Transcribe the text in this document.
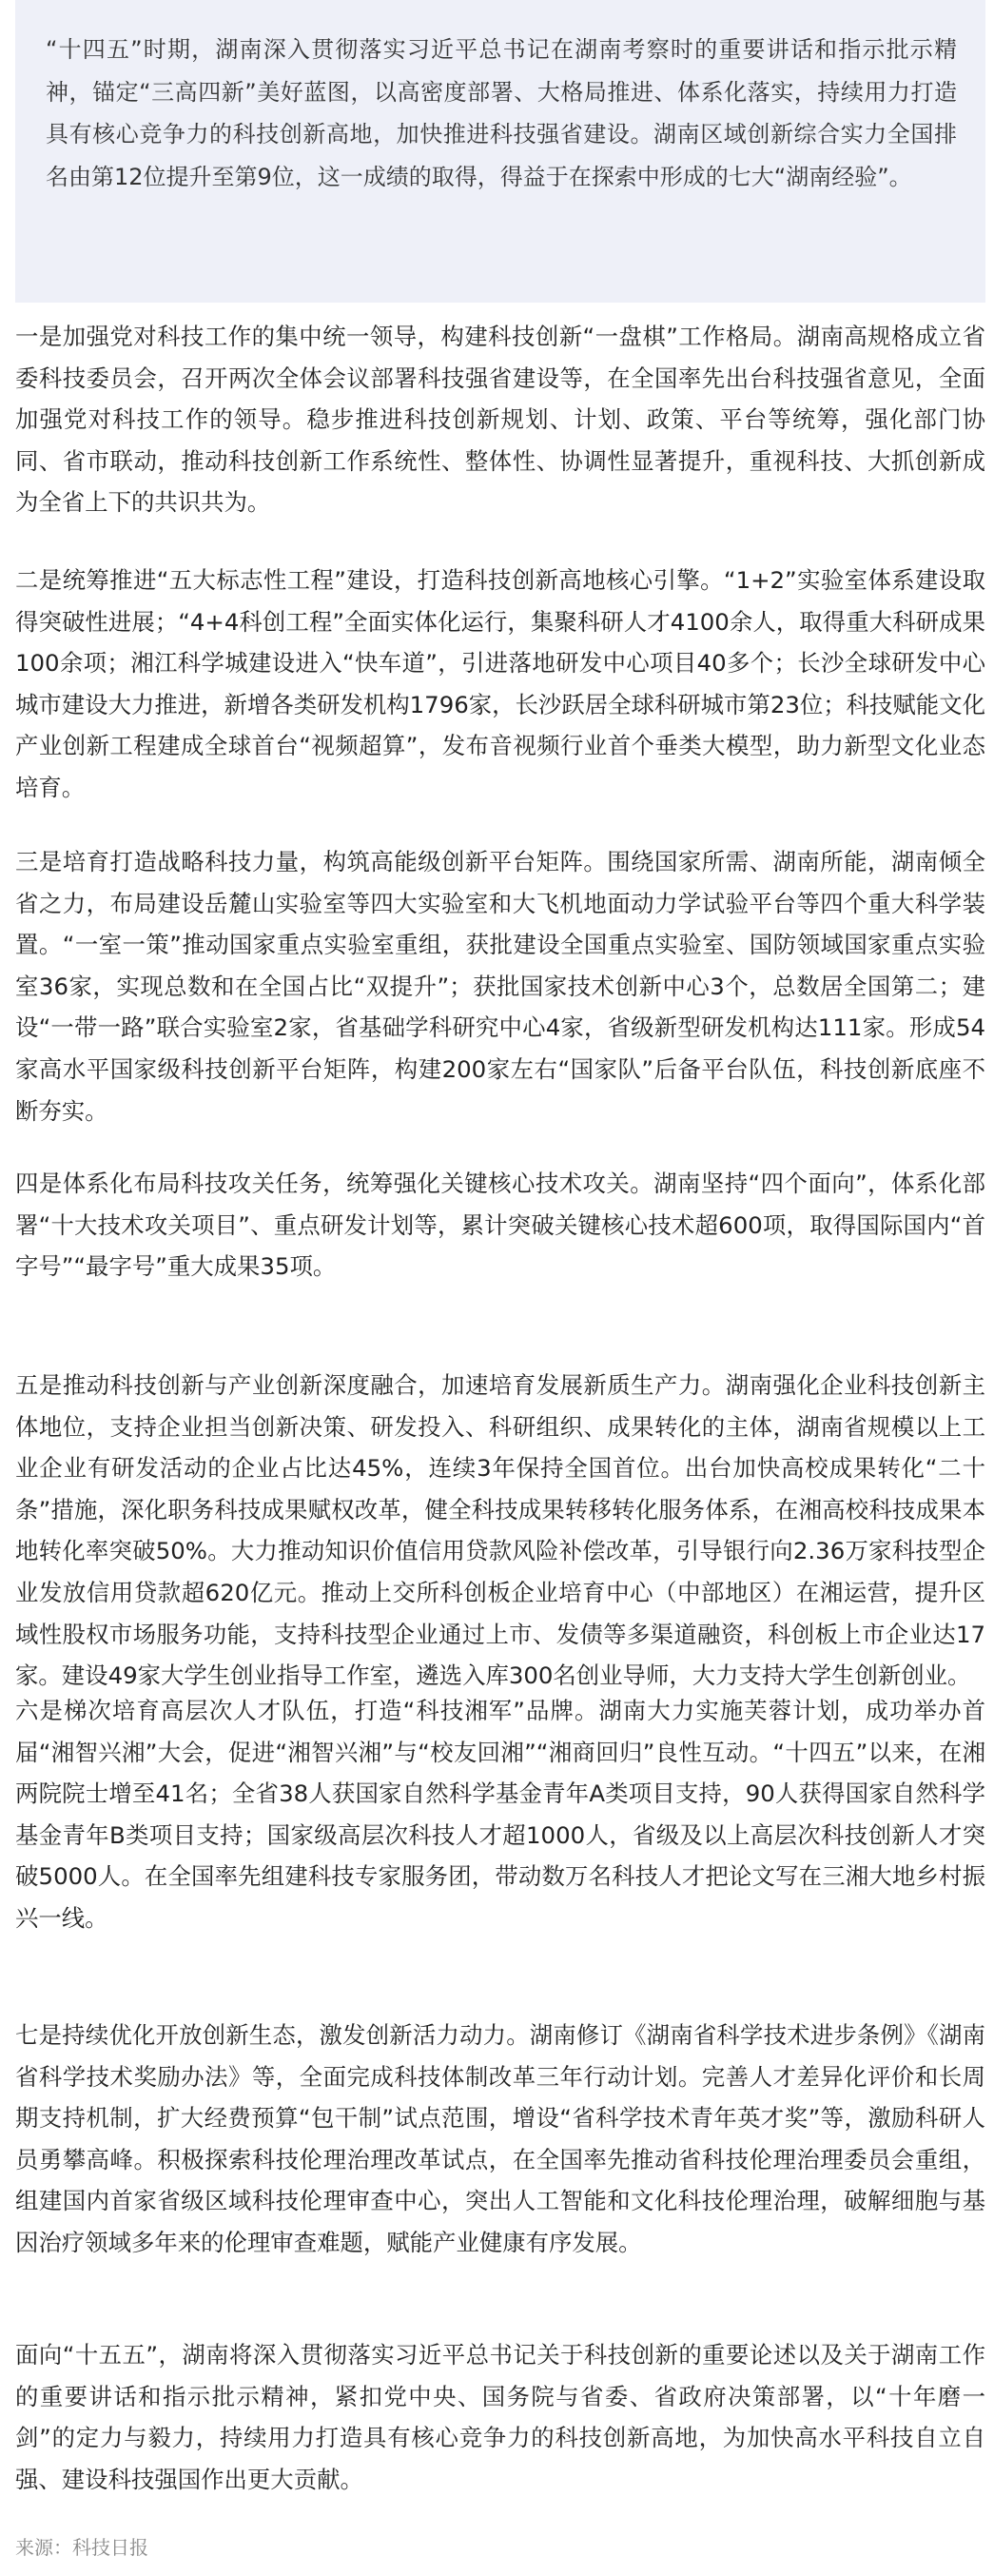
“十四五”时期，湖南深入贯彻落实习近平总书记在湖南考察时的重要讲话和指示批示精神，锚定“三高四新”美好蓝图，以高密度部署、大格局推进、体系化落实，持续用力打造具有核心竞争力的科技创新高地，加快推进科技强省建设。湖南区域创新综合实力全国排名由第12位提升至第9位，这一成绩的取得，得益于在探索中形成的七大“湖南经验”。

一是加强党对科技工作的集中统一领导，构建科技创新“一盘棋”工作格局。湖南高规格成立省委科技委员会，召开两次全体会议部署科技强省建设等，在全国率先出台科技强省意见，全面加强党对科技工作的领导。稳步推进科技创新规划、计划、政策、平台等统筹，强化部门协同、省市联动，推动科技创新工作系统性、整体性、协调性显著提升，重视科技、大抓创新成为全省上下的共识共为。

二是统筹推进“五大标志性工程”建设，打造科技创新高地核心引擎。“1+2”实验室体系建设取得突破性进展；“4+4科创工程”全面实体化运行，集聚科研人才4100余人，取得重大科研成果100余项；湘江科学城建设进入“快车道”，引进落地研发中心项目40多个；长沙全球研发中心城市建设大力推进，新增各类研发机构1796家，长沙跃居全球科研城市第23位；科技赋能文化产业创新工程建成全球首台“视频超算”，发布音视频行业首个垂类大模型，助力新型文化业态培育。

三是培育打造战略科技力量，构筑高能级创新平台矩阵。围绕国家所需、湖南所能，湖南倾全省之力，布局建设岳麓山实验室等四大实验室和大飞机地面动力学试验平台等四个重大科学装置。“一室一策”推动国家重点实验室重组，获批建设全国重点实验室、国防领域国家重点实验室36家，实现总数和在全国占比“双提升”；获批国家技术创新中心3个，总数居全国第二；建设“一带一路”联合实验室2家，省基础学科研究中心4家，省级新型研发机构达111家。形成54家高水平国家级科技创新平台矩阵，构建200家左右“国家队”后备平台队伍，科技创新底座不断夯实。

四是体系化布局科技攻关任务，统筹强化关键核心技术攻关。湖南坚持“四个面向”，体系化部署“十大技术攻关项目”、重点研发计划等，累计突破关键核心技术超600项，取得国际国内“首字号”“最字号”重大成果35项。

五是推动科技创新与产业创新深度融合，加速培育发展新质生产力。湖南强化企业科技创新主体地位，支持企业担当创新决策、研发投入、科研组织、成果转化的主体，湖南省规模以上工业企业有研发活动的企业占比达45%，连续3年保持全国首位。出台加快高校成果转化“二十条”措施，深化职务科技成果赋权改革，健全科技成果转移转化服务体系，在湘高校科技成果本地转化率突破50%。大力推动知识价值信用贷款风险补偿改革，引导银行向2.36万家科技型企业发放信用贷款超620亿元。推动上交所科创板企业培育中心（中部地区）在湘运营，提升区域性股权市场服务功能，支持科技型企业通过上市、发债等多渠道融资，科创板上市企业达17家。建设49家大学生创业指导工作室，遴选入库300名创业导师，大力支持大学生创新创业。

六是梯次培育高层次人才队伍，打造“科技湘军”品牌。湖南大力实施芙蓉计划，成功举办首届“湘智兴湘”大会，促进“湘智兴湘”与“校友回湘”“湘商回归”良性互动。“十四五”以来，在湘两院院士增至41名；全省38人获国家自然科学基金青年A类项目支持，90人获得国家自然科学基金青年B类项目支持；国家级高层次科技人才超1000人，省级及以上高层次科技创新人才突破5000人。在全国率先组建科技专家服务团，带动数万名科技人才把论文写在三湘大地乡村振兴一线。

七是持续优化开放创新生态，激发创新活力动力。湖南修订《湖南省科学技术进步条例》《湖南省科学技术奖励办法》等，全面完成科技体制改革三年行动计划。完善人才差异化评价和长周期支持机制，扩大经费预算“包干制”试点范围，增设“省科学技术青年英才奖”等，激励科研人员勇攀高峰。积极探索科技伦理治理改革试点，在全国率先推动省科技伦理治理委员会重组，组建国内首家省级区域科技伦理审查中心，突出人工智能和文化科技伦理治理，破解细胞与基因治疗领域多年来的伦理审查难题，赋能产业健康有序发展。

面向“十五五”，湖南将深入贯彻落实习近平总书记关于科技创新的重要论述以及关于湖南工作的重要讲话和指示批示精神，紧扣党中央、国务院与省委、省政府决策部署，以“十年磨一剑”的定力与毅力，持续用力打造具有核心竞争力的科技创新高地，为加快高水平科技自立自强、建设科技强国作出更大贡献。

来源：科技日报
